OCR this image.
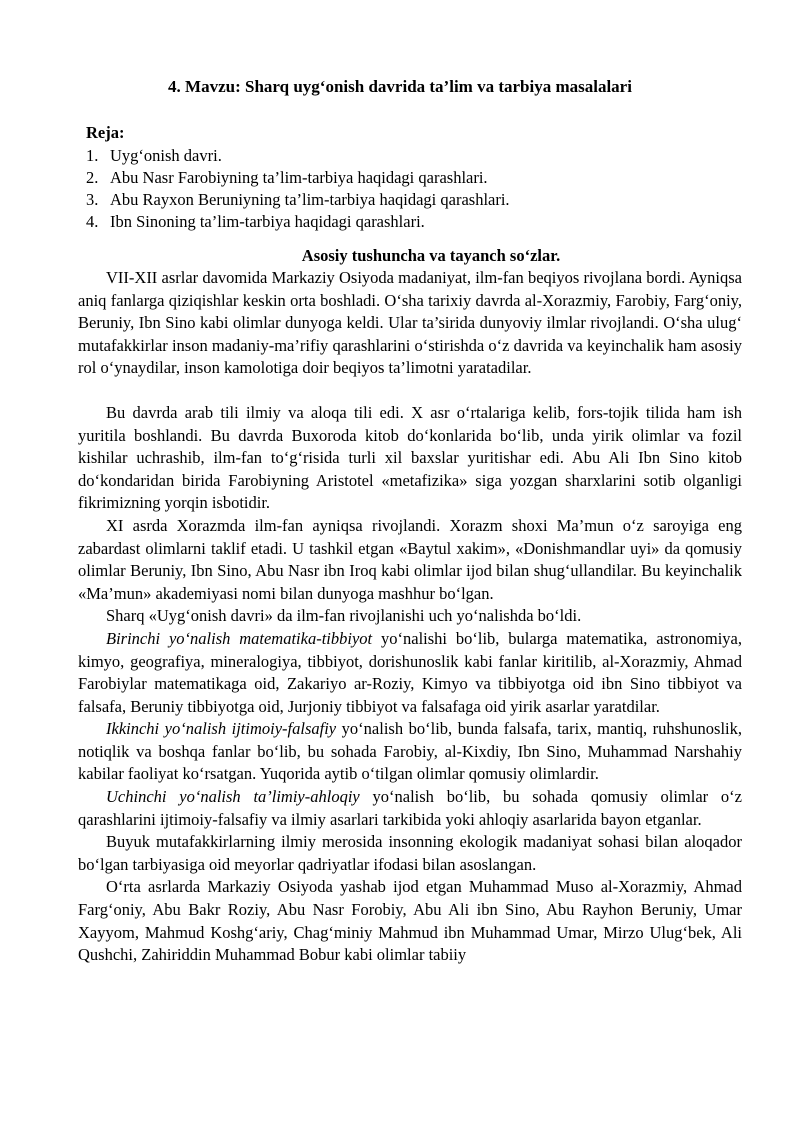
4. Mavzu: Sharq uyg‘onish davrida ta’lim va tarbiya masalalari
Reja:
1. Uyg‘onish davri.
2. Abu Nasr Farobiyning ta’lim-tarbiya haqidagi qarashlari.
3. Abu Rayxon Beruniyning ta’lim-tarbiya haqidagi qarashlari.
4. Ibn Sinoning ta’lim-tarbiya haqidagi qarashlari.
Asosiy tushuncha va tayanch so‘zlar.

VII-XII asrlar davomida Markaziy Osiyoda madaniyat, ilm-fan beqiyos rivojlana bordi. Ayniqsa aniq fanlarga qiziqishlar keskin orta boshladi. O‘sha tarixiy davrda al-Xorazmiy, Farobiy, Farg‘oniy, Beruniy, Ibn Sino kabi olimlar dunyoga keldi. Ular ta’sirida dunyoviy ilmlar rivojlandi. O‘sha ulug‘ mutafakkirlar inson madaniy-ma’rifiy qarashlarini o‘stirishda o‘z davrida va keyinchalik ham asosiy rol o‘ynaydilar, inson kamolotiga doir beqiyos ta’limotni yaratadilar.

Bu davrda arab tili ilmiy va aloqa tili edi. X asr o‘rtalariga kelib, fors-tojik tilida ham ish yuritila boshlandi. Bu davrda Buxoroda kitob do‘konlarida bo‘lib, unda yirik olimlar va fozil kishilar uchrashib, ilm-fan to‘g‘risida turli xil baxslar yuritishar edi. Abu Ali Ibn Sino kitob do‘kondaridan birida Farobiyning Aristotel «metafizika» siga yozgan sharxlarini sotib olganligi fikrimizning yorqin isbotidir.

XI asrda Xorazmda ilm-fan ayniqsa rivojlandi. Xorazm shoxi Ma’mun o‘z saroyiga eng zabardast olimlarni taklif etadi. U tashkil etgan «Baytul xakim», «Donishmandlar uyi» da qomusiy olimlar Beruniy, Ibn Sino, Abu Nasr ibn Iroq kabi olimlar ijod bilan shug‘ullandilar. Bu keyinchalik «Ma’mun» akademiyasi nomi bilan dunyoga mashhur bo‘lgan.

Sharq «Uyg‘onish davri» da ilm-fan rivojlanishi uch yo‘nalishda bo‘ldi.

Birinchi yo‘nalish matematika-tibbiyot yo‘nalishi bo‘lib, bularga matematika, astronomiya, kimyo, geografiya, mineralogiya, tibbiyot, dorishunoslik kabi fanlar kiritilib, al-Xorazmiy, Ahmad Farobiylar matematikaga oid, Zakariyo ar-Roziy, Kimyo va tibbiyotga oid ibn Sino tibbiyot va falsafa, Beruniy tibbiyotga oid, Jurjoniy tibbiyot va falsafaga oid yirik asarlar yaratdilar.

Ikkinchi yo‘nalish ijtimoiy-falsafiy yo‘nalish bo‘lib, bunda falsafa, tarix, mantiq, ruhshunoslik, notiqlik va boshqa fanlar bo‘lib, bu sohada Farobiy, al-Kixdiy, Ibn Sino, Muhammad Narshahiy kabilar faoliyat ko‘rsatgan. Yuqorida aytib o‘tilgan olimlar qomusiy olimlardir.

Uchinchi yo‘nalish ta’limiy-ahloqiy yo‘nalish bo‘lib, bu sohada qomusiy olimlar o‘z qarashlarini ijtimoiy-falsafiy va ilmiy asarlari tarkibida yoki ahloqiy asarlarida bayon etganlar.

Buyuk mutafakkirlarning ilmiy merosida insonning ekologik madaniyat sohasi bilan aloqador bo‘lgan tarbiyasiga oid meyorlar qadriyatlar ifodasi bilan asoslangan.

O‘rta asrlarda Markaziy Osiyoda yashab ijod etgan Muhammad Muso al-Xorazmiy, Ahmad Farg‘oniy, Abu Bakr Roziy, Abu Nasr Forobiy, Abu Ali ibn Sino, Abu Rayhon Beruniy, Umar Xayyom, Mahmud Koshg‘ariy, Chag‘miniy Mahmud ibn Muhammad Umar, Mirzo Ulug‘bek, Ali Qushchi, Zahiriddin Muhammad Bobur kabi olimlar tabiiy
